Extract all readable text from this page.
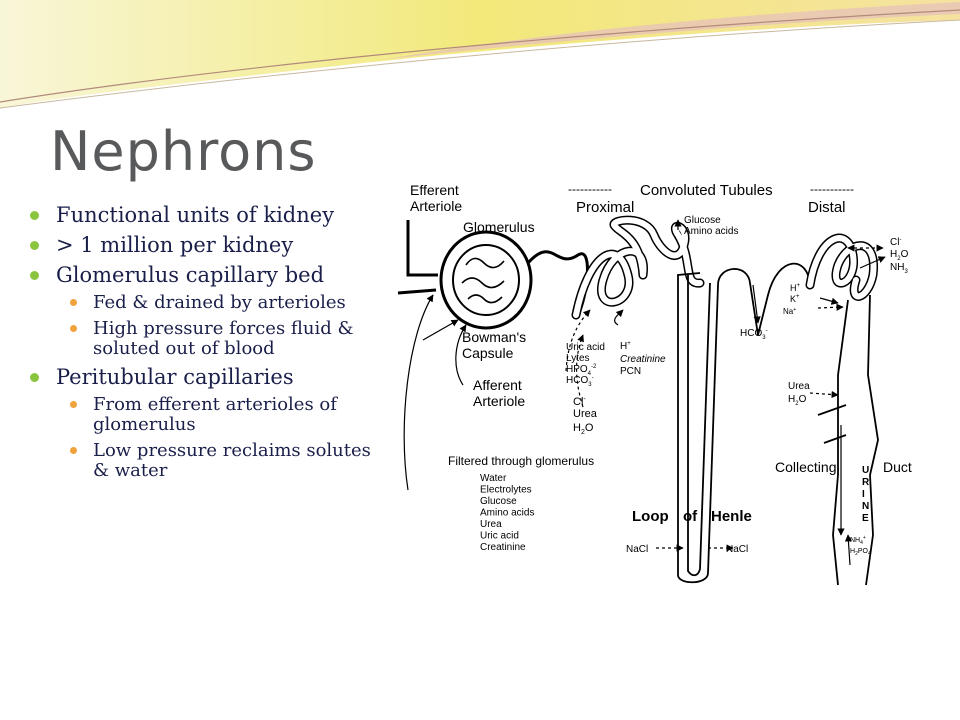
Nephrons
Functional units of kidney
> 1 million per kidney
Glomerulus capillary bed
Fed & drained by arterioles
High pressure forces fluid & soluted out of blood
Peritubular capillaries
From efferent arterioles of glomerulus
Low pressure reclaims solutes & water
Efferent
Arteriole
Glomerulus
----------- Convoluted Tubules	-----------
Proximal	Distal
Glucose
Amino acids
Bowman's
Capsule
Afferent
Arteriole
Uric acid
Lytes
$HPO_4^{-2}$
$HCO_3^-$
Cl-
Urea
$H_2O$
H+
Creatinine
PCN
$HCO_3^-$
Cl-
$H_2O$
$NH_3$
H+
K+
Na+
Urea
$H_2O$
Filtered through glomerulus
Water
Electrolytes
Glucose
Amino acids
Urea
Uric acid
Creatinine
Loop of Henle
NaCl	NaCl
Collecting	Duct
U
R
I
N
E
$NH_4^+$
$H_2PO_4$
